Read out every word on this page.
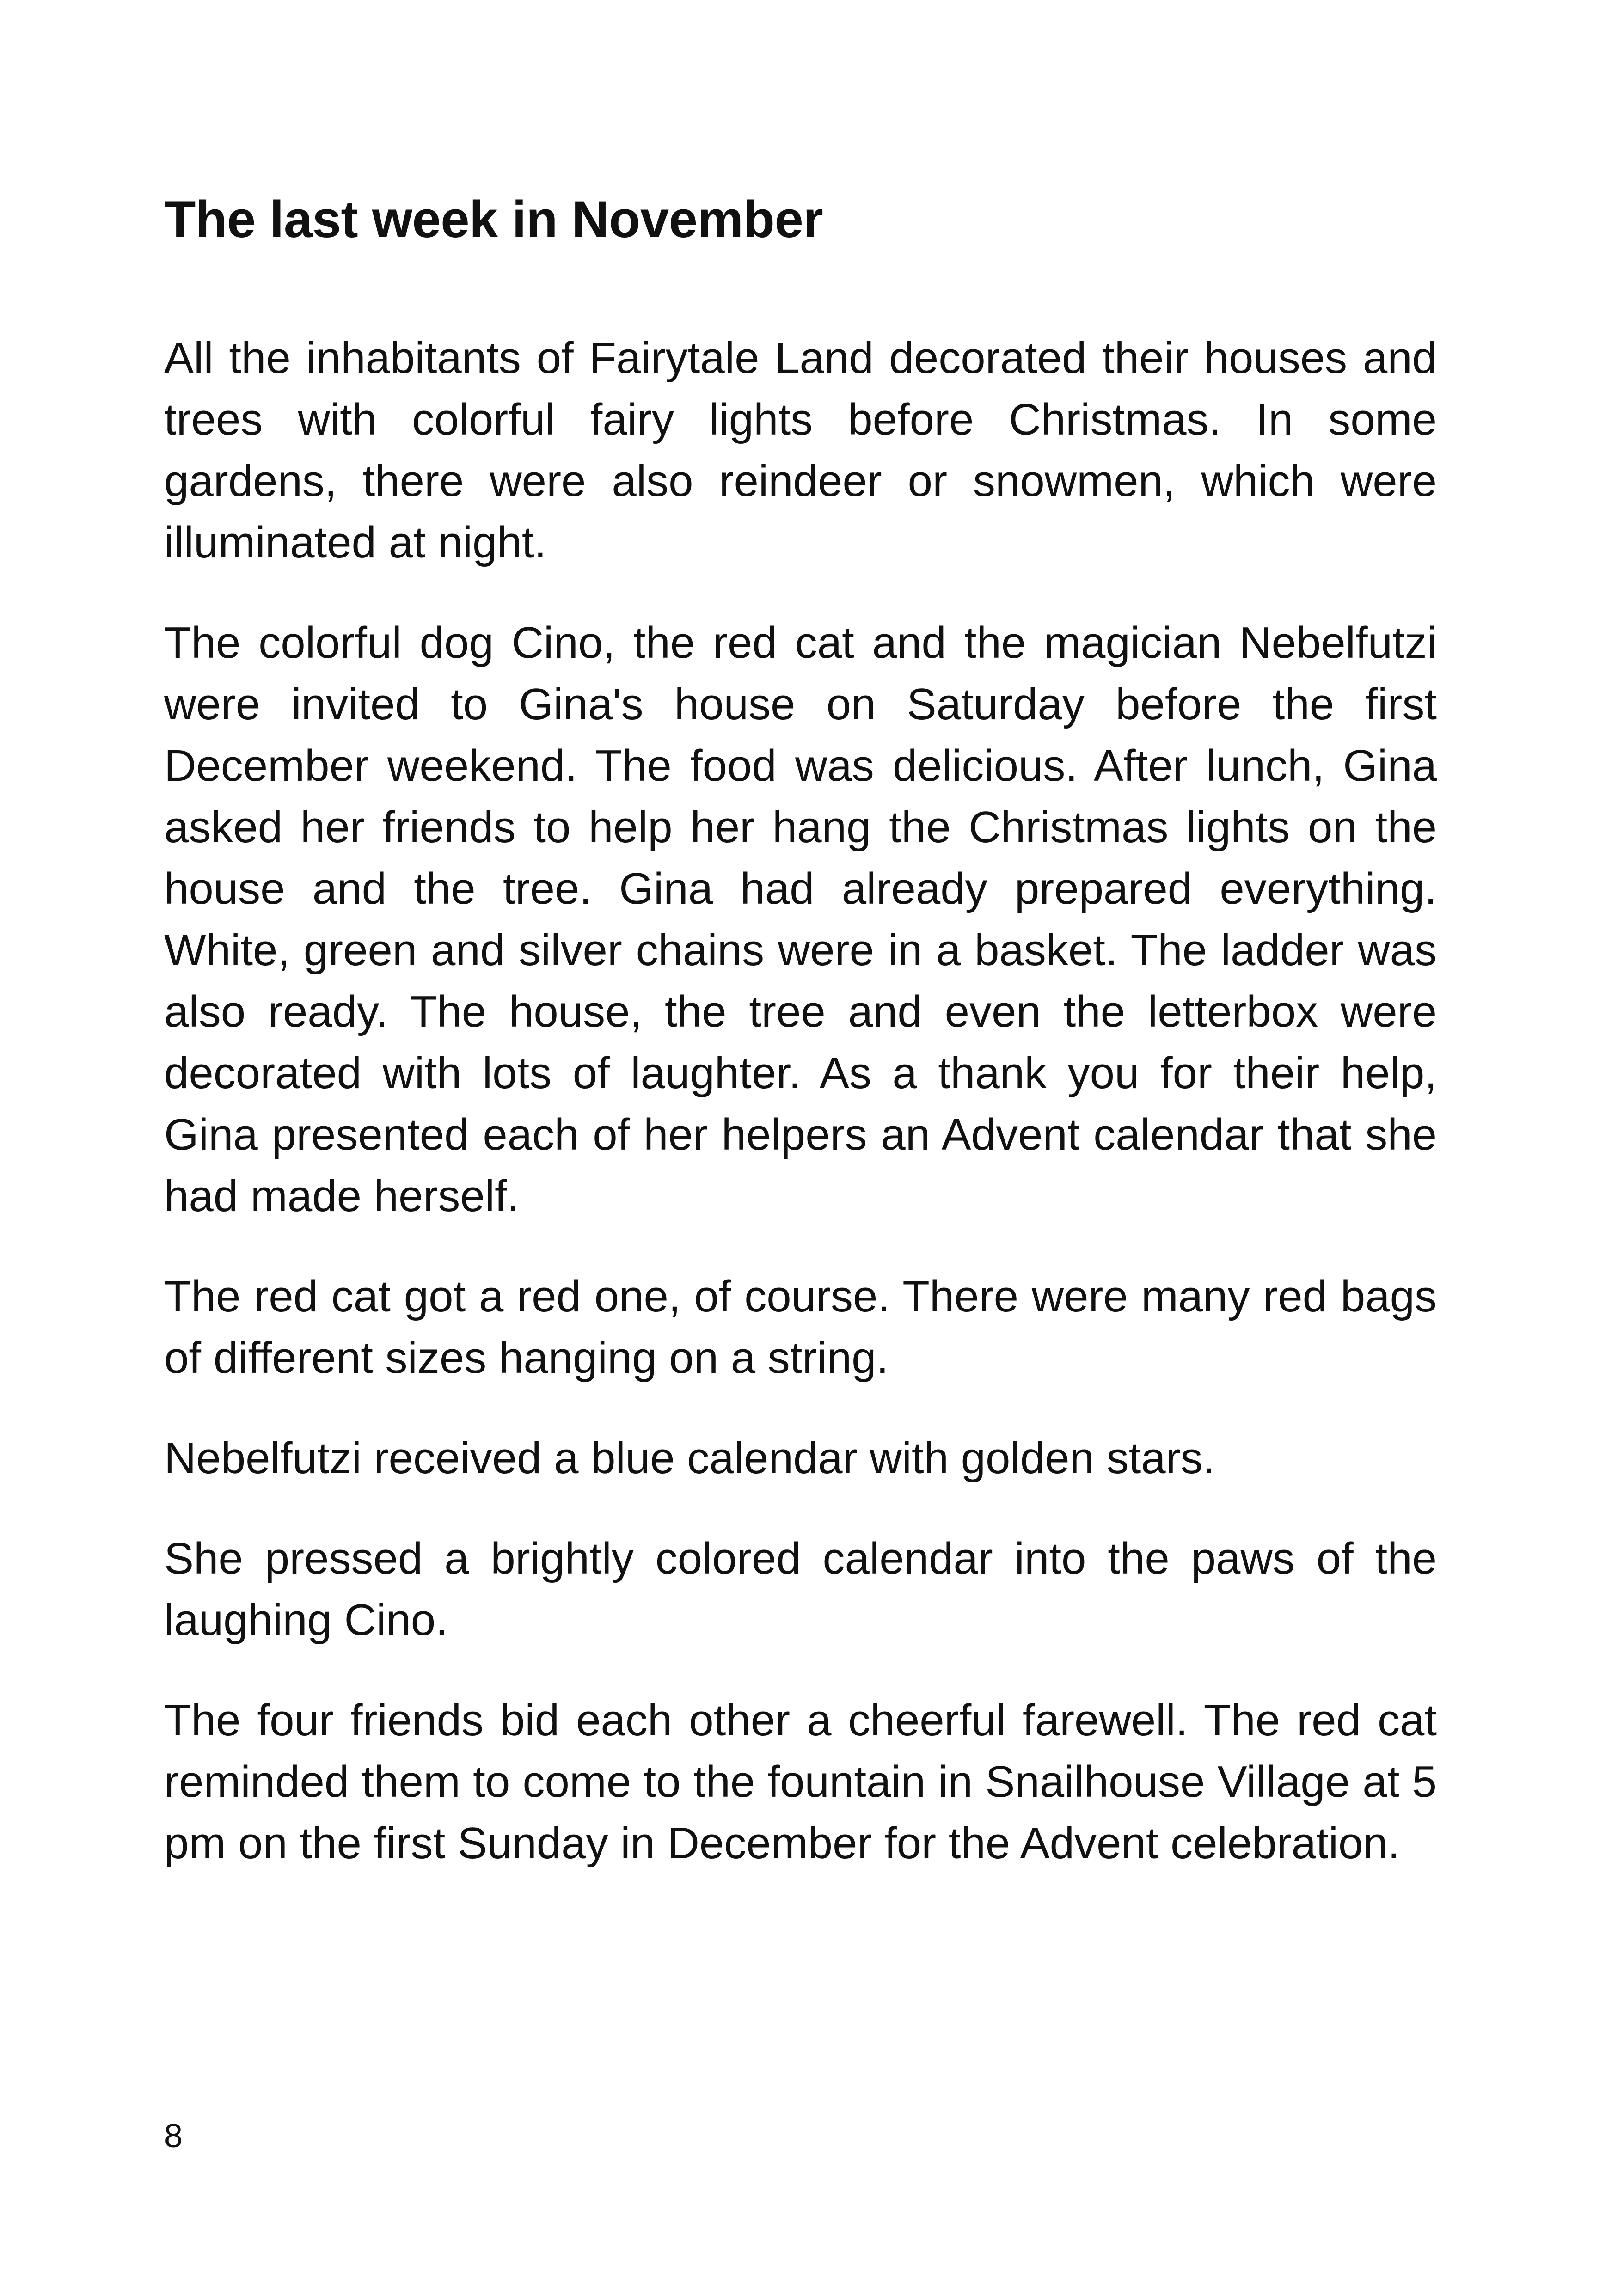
The last week in November

All the inhabitants of Fairytale Land decorated their houses and trees with colorful fairy lights before Christmas. In some gardens, there were also reindeer or snowmen, which were illuminated at night.

The colorful dog Cino, the red cat and the magician Nebelfutzi were invited to Gina's house on Saturday before the first December weekend. The food was delicious. After lunch, Gina asked her friends to help her hang the Christmas lights on the house and the tree. Gina had already prepared everything. White, green and silver chains were in a basket. The ladder was also ready. The house, the tree and even the letterbox were decorated with lots of laughter. As a thank you for their help, Gina presented each of her helpers an Advent calendar that she had made herself.

The red cat got a red one, of course. There were many red bags of different sizes hanging on a string.

Nebelfutzi received a blue calendar with golden stars.

She pressed a brightly colored calendar into the paws of the laughing Cino.

The four friends bid each other a cheerful farewell. The red cat reminded them to come to the fountain in Snailhouse Village at 5 pm on the first Sunday in December for the Advent celebration.

8
